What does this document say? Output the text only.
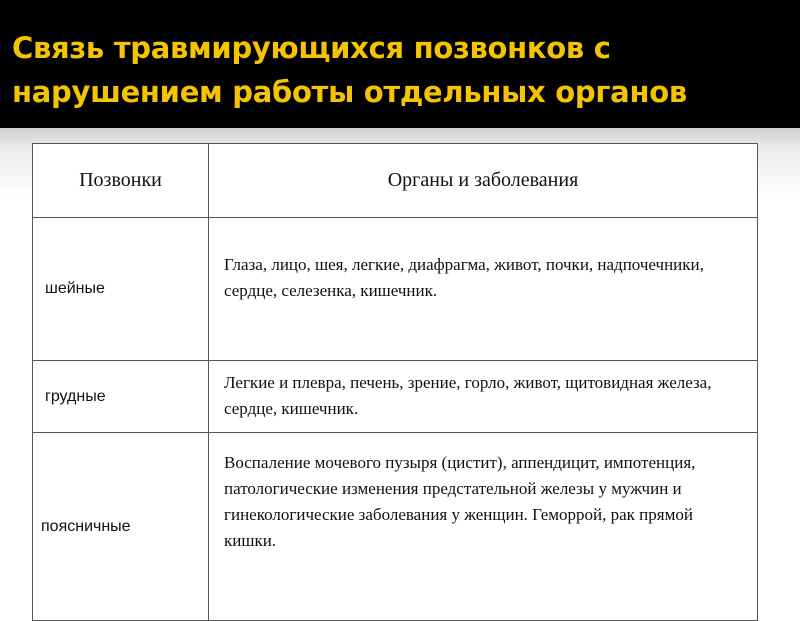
Связь травмирующихся позвонков с нарушением работы отдельных органов
Позвонки	Органы и заболевания
шейные	Глаза, лицо, шея, легкие, диафрагма, живот, почки, надпочечники, сердце, селезенка, кишечник.
грудные	Легкие и плевра, печень, зрение, горло, живот, щитовидная железа, сердце, кишечник.
поясничные	Воспаление мочевого пузыря (цистит), аппендицит, импотенция, патологические изменения предстательной железы у мужчин и гинекологические заболевания у женщин. Геморрой, рак прямой кишки.
